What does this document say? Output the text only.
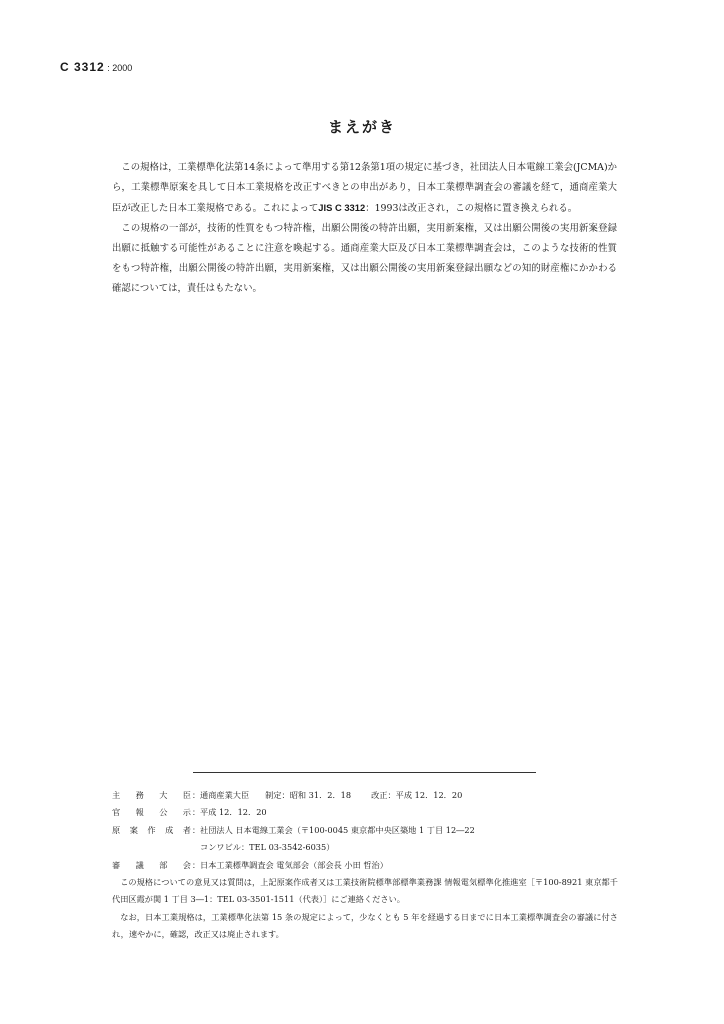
C 3312 : 2000
まえがき

この規格は，工業標準化法第14条によって準用する第12条第1項の規定に基づき，社団法人日本電線工業会(JCMA)から，工業標準原案を具して日本工業規格を改正すべきとの申出があり，日本工業標準調査会の審議を経て，通商産業大臣が改正した日本工業規格である。これによってJIS C 3312：1993は改正され，この規格に置き換えられる。

この規格の一部が，技術的性質をもつ特許権，出願公開後の特許出願，実用新案権，又は出願公開後の実用新案登録出願に抵触する可能性があることに注意を喚起する。通商産業大臣及び日本工業標準調査会は，このような技術的性質をもつ特許権，出願公開後の特許出願，実用新案権，又は出願公開後の実用新案登録出願などの知的財産権にかかわる確認については，責任はもたない。

主務大臣 ： 通商産業大臣 制定：昭和 31．2．18 改正：平成 12．12．20
官報公示 ： 平成 12．12．20
原案作成者 ： 社団法人 日本電線工業会（〒100-0045 東京都中央区築地 1 丁目 12―22
コンワビル：TEL 03-3542-6035）
審議部会 ： 日本工業標準調査会 電気部会（部会長 小田 哲治）

この規格についての意見又は質問は，上記原案作成者又は工業技術院標準部標準業務課 情報電気標準化推進室［〒100-8921 東京都千代田区霞が関 1 丁目 3―1：TEL 03-3501-1511（代表）］にご連絡ください。

なお，日本工業規格は，工業標準化法第 15 条の規定によって，少なくとも 5 年を経過する日までに日本工業標準調査会の審議に付され，速やかに，確認，改正又は廃止されます。
